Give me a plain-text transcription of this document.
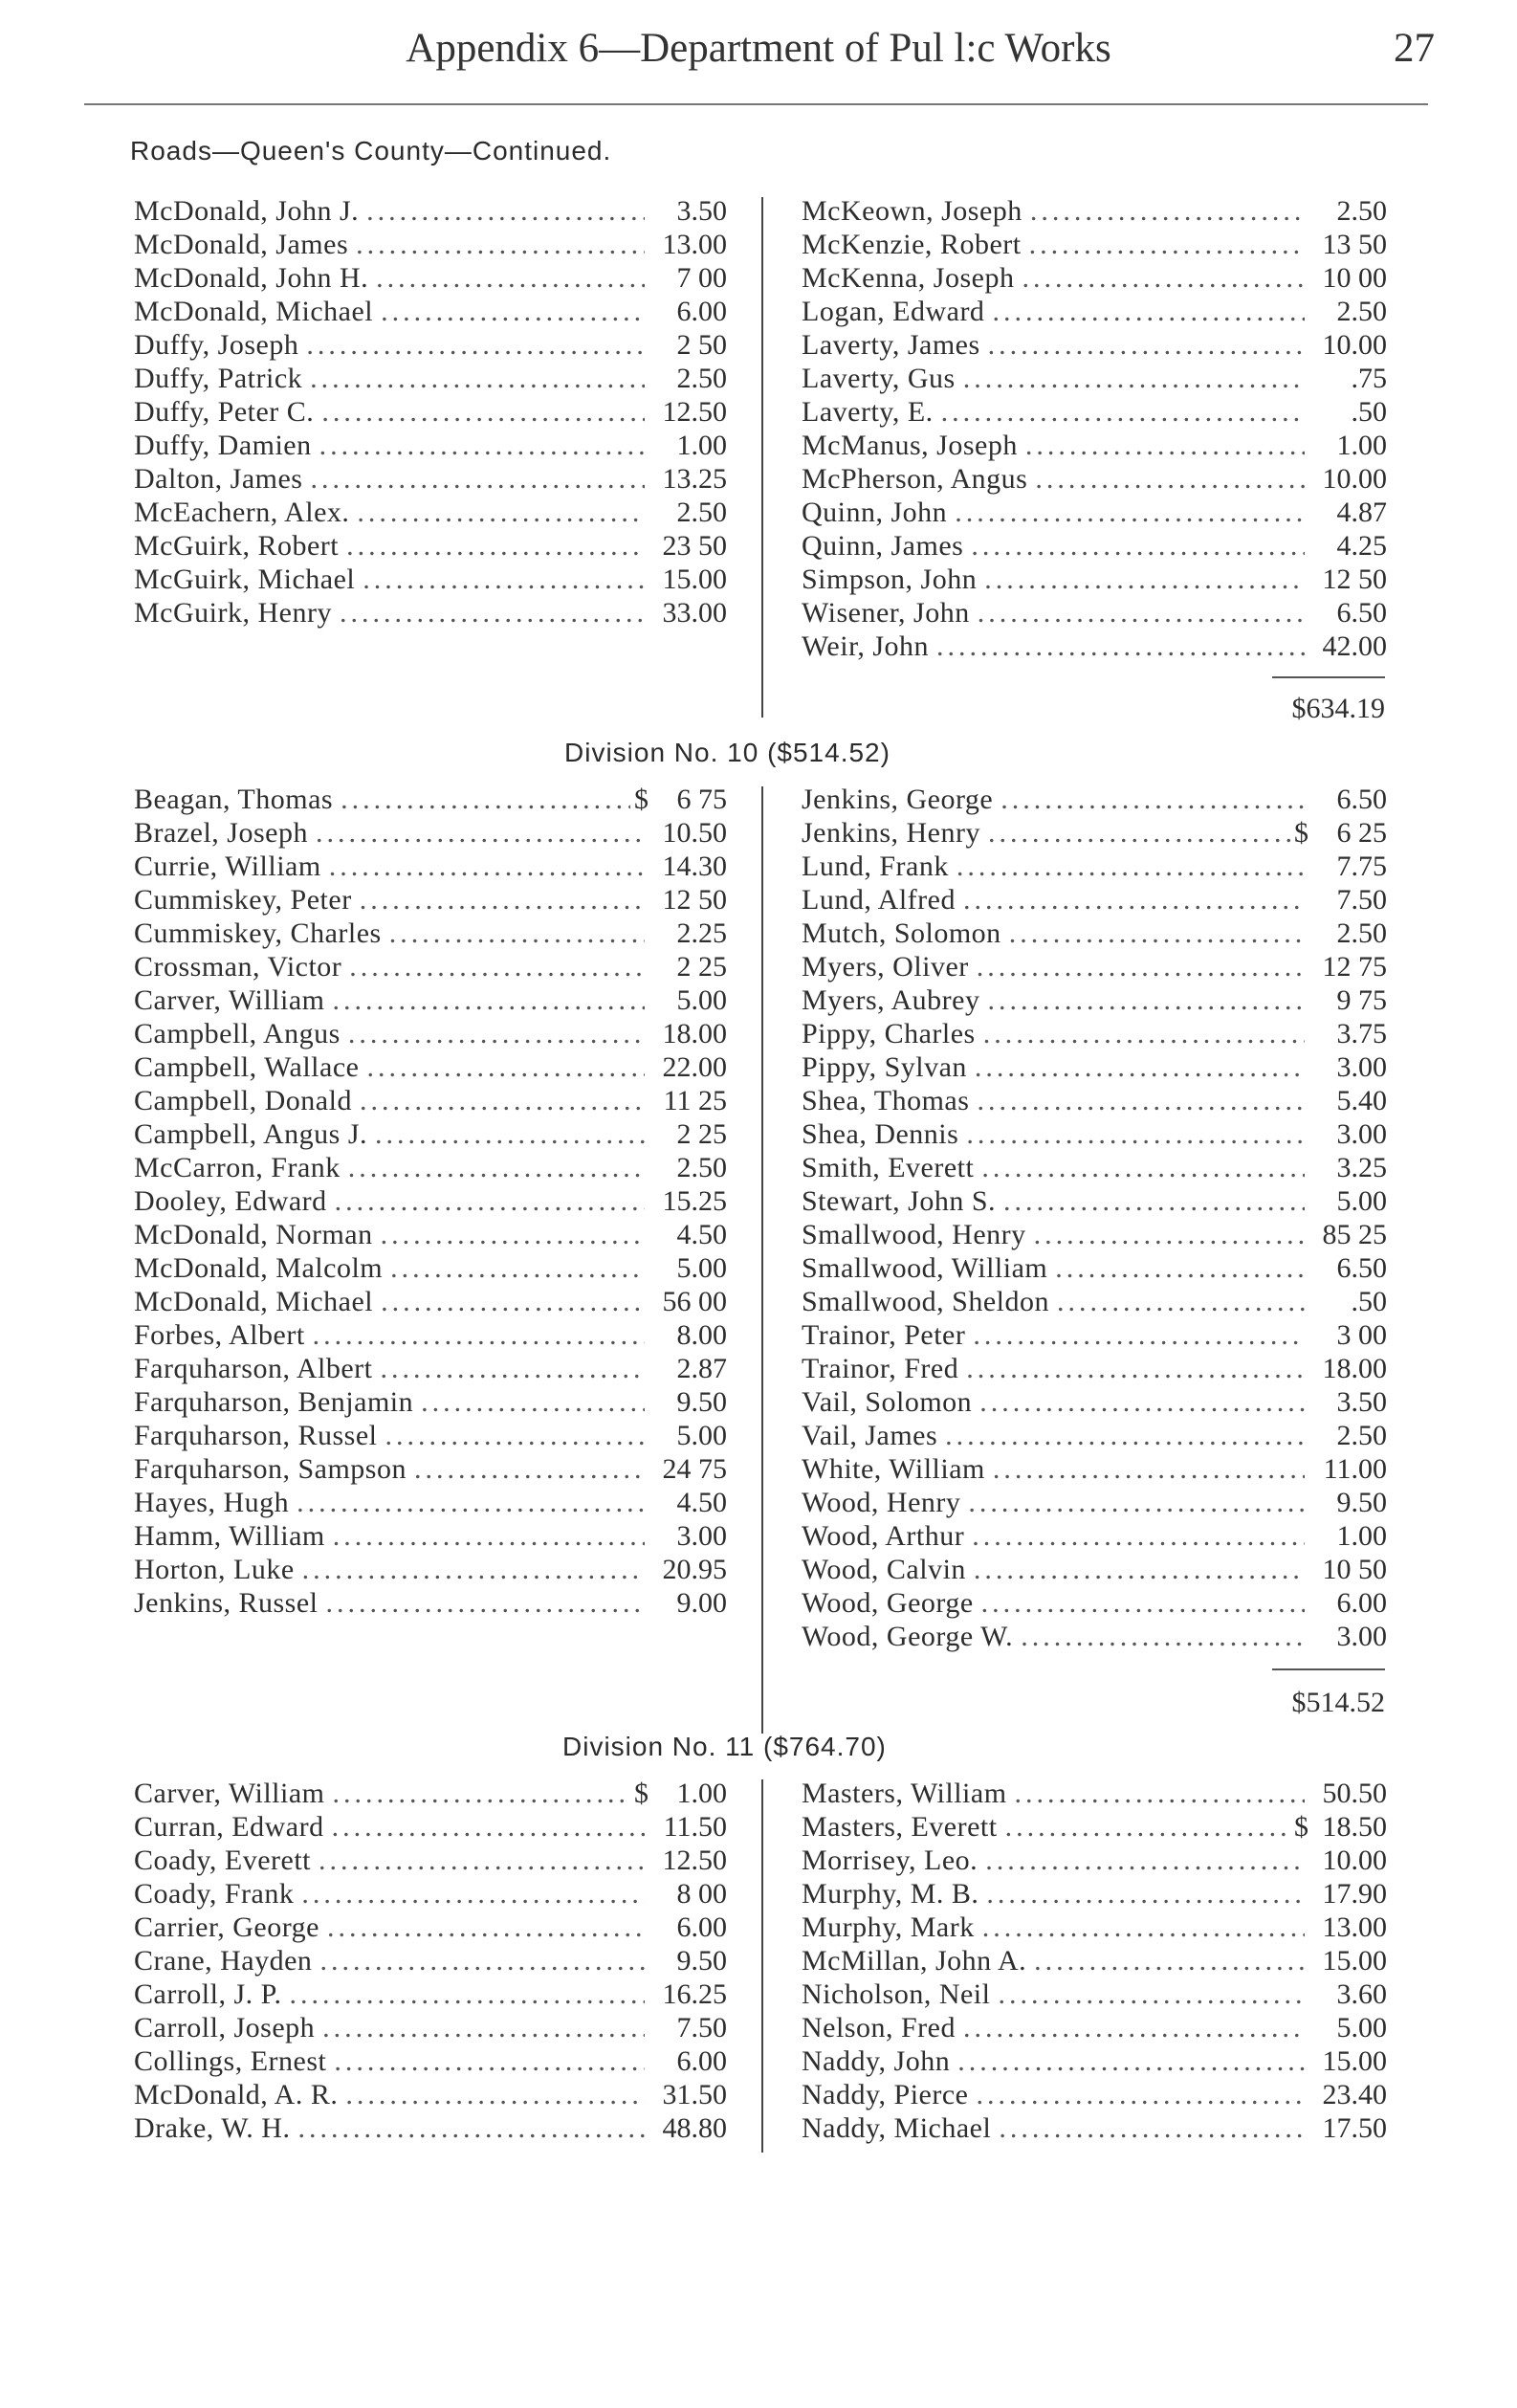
Appendix 6—Department of Pul l:c Works	27
Roads—Queen's County—Continued.
McDonald, John J. .....	3.50
McDonald, James .....	13.00
McDonald, John H. .....	7 00
McDonald, Michael .....	6.00
Duffy, Joseph .....	2 50
Duffy, Patrick .....	2.50
Duffy, Peter C. .....	12.50
Duffy, Damien .....	1.00
Dalton, James .....	13.25
McEachern, Alex. .....	2.50
McGuirk, Robert .....	23 50
McGuirk, Michael .....	15.00
McGuirk, Henry .....	33.00
McKeown, Joseph .....	2.50
McKenzie, Robert .....	13 50
McKenna, Joseph .....	10 00
Logan, Edward .....	2.50
Laverty, James .....	10.00
Laverty, Gus .....	.75
Laverty, E. .....	.50
McManus, Joseph .....	1.00
McPherson, Angus .....	10.00
Quinn, John .....	4.87
Quinn, James .....	4.25
Simpson, John .....	12 50
Wisener, John .....	6.50
Weir, John .....	42.00
$634.19
Division No. 10 ($514.52)
Beagan, Thomas .....	$ 6 75
Brazel, Joseph .....	10.50
Currie, William .....	14.30
Cummiskey, Peter .....	12 50
Cummiskey, Charles .....	2.25
Crossman, Victor .....	2 25
Carver, William .....	5.00
Campbell, Angus .....	18.00
Campbell, Wallace .....	22.00
Campbell, Donald .....	11 25
Campbell, Angus J. .....	2 25
McCarron, Frank .....	2.50
Dooley, Edward .....	15.25
McDonald, Norman .....	4.50
McDonald, Malcolm .....	5.00
McDonald, Michael .....	56 00
Forbes, Albert .....	8.00
Farquharson, Albert .....	2.87
Farquharson, Benjamin .....	9.50
Farquharson, Russel .....	5.00
Farquharson, Sampson .....	24 75
Hayes, Hugh .....	4.50
Hamm, William .....	3.00
Horton, Luke .....	20.95
Jenkins, Russel .....	9.00
Jenkins, George .....	6.50
Jenkins, Henry .....	$ 6 25
Lund, Frank .....	7.75
Lund, Alfred .....	7.50
Mutch, Solomon .....	2.50
Myers, Oliver .....	12 75
Myers, Aubrey .....	9 75
Pippy, Charles .....	3.75
Pippy, Sylvan .....	3.00
Shea, Thomas .....	5.40
Shea, Dennis .....	3.00
Smith, Everett .....	3.25
Stewart, John S. .....	5.00
Smallwood, Henry .....	85 25
Smallwood, William .....	6.50
Smallwood, Sheldon .....	.50
Trainor, Peter .....	3 00
Trainor, Fred .....	18.00
Vail, Solomon .....	3.50
Vail, James .....	2.50
White, William .....	11.00
Wood, Henry .....	9.50
Wood, Arthur .....	1.00
Wood, Calvin .....	10 50
Wood, George .....	6.00
Wood, George W. .....	3.00
$514.52
Division No. 11 ($764.70)
Carver, William .....	$ 1.00
Curran, Edward .....	11.50
Coady, Everett .....	12.50
Coady, Frank .....	8 00
Carrier, George .....	6.00
Crane, Hayden .....	9.50
Carroll, J. P. .....	16.25
Carroll, Joseph .....	7.50
Collings, Ernest .....	6.00
McDonald, A. R. .....	31.50
Drake, W. H. .....	48.80
Masters, William .....	50.50
Masters, Everett .....	$ 18.50
Morrisey, Leo. .....	10.00
Murphy, M. B. .....	17.90
Murphy, Mark .....	13.00
McMillan, John A. .....	15.00
Nicholson, Neil .....	3.60
Nelson, Fred .....	5.00
Naddy, John .....	15.00
Naddy, Pierce .....	23.40
Naddy, Michael .....	17.50
